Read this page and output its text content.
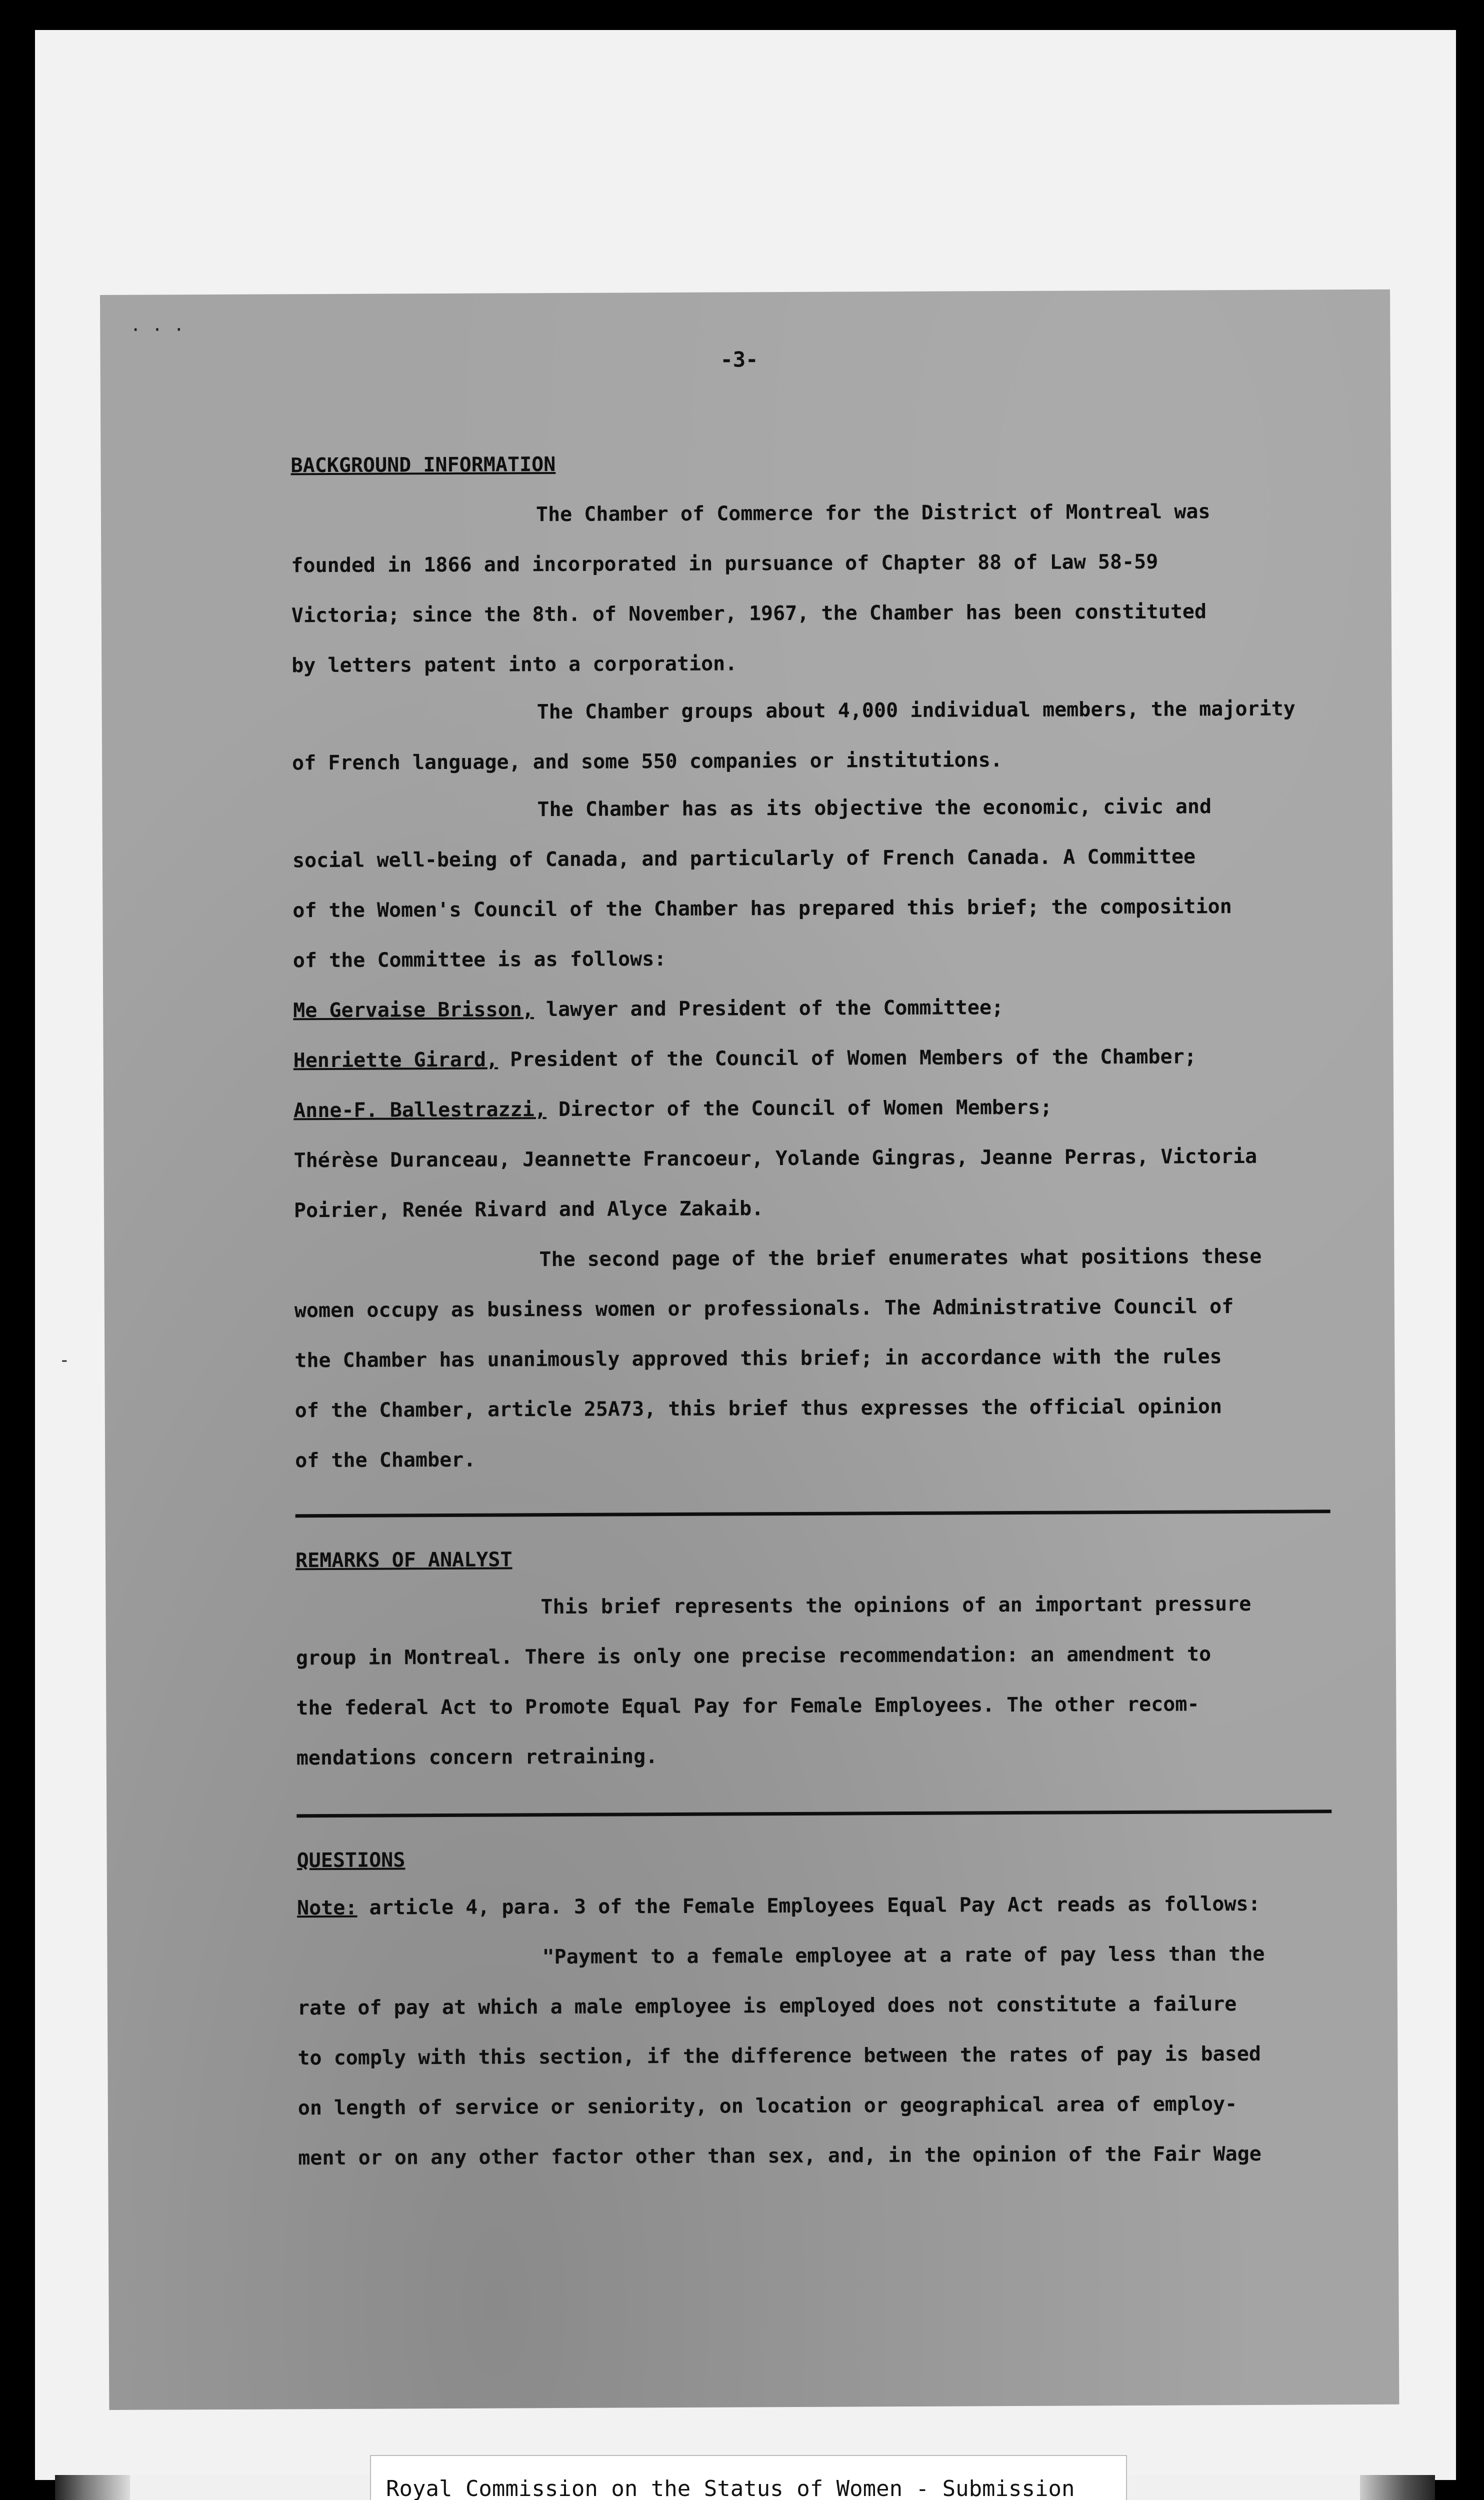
· · ·
-3-
BACKGROUND INFORMATION
The Chamber of Commerce for the District of Montreal was
founded in 1866 and incorporated in pursuance of Chapter 88 of Law 58-59
Victoria; since the 8th. of November, 1967, the Chamber has been constituted
by letters patent into a corporation.
The Chamber groups about 4,000 individual members, the majority
of French language, and some 550 companies or institutions.
The Chamber has as its objective the economic, civic and
social well-being of Canada, and particularly of French Canada. A Committee
of the Women's Council of the Chamber has prepared this brief; the composition
of the Committee is as follows:
Me Gervaise Brisson, lawyer and President of the Committee;
Henriette Girard, President of the Council of Women Members of the Chamber;
Anne-F. Ballestrazzi, Director of the Council of Women Members;
Thérèse Duranceau, Jeannette Francoeur, Yolande Gingras, Jeanne Perras, Victoria
Poirier, Renée Rivard and Alyce Zakaib.
The second page of the brief enumerates what positions these
women occupy as business women or professionals. The Administrative Council of
the Chamber has unanimously approved this brief; in accordance with the rules
of the Chamber, article 25A73, this brief thus expresses the official opinion
of the Chamber.
REMARKS OF ANALYST
This brief represents the opinions of an important pressure
group in Montreal. There is only one precise recommendation: an amendment to
the federal Act to Promote Equal Pay for Female Employees. The other recom-
mendations concern retraining.
QUESTIONS
Note: article 4, para. 3 of the Female Employees Equal Pay Act reads as follows:
"Payment to a female employee at a rate of pay less than the
rate of pay at which a male employee is employed does not constitute a failure
to comply with this section, if the difference between the rates of pay is based
on length of service or seniority, on location or geographical area of employ-
ment or on any other factor other than sex, and, in the opinion of the Fair Wage
‐
Royal Commission on the Status of Women - Submission
